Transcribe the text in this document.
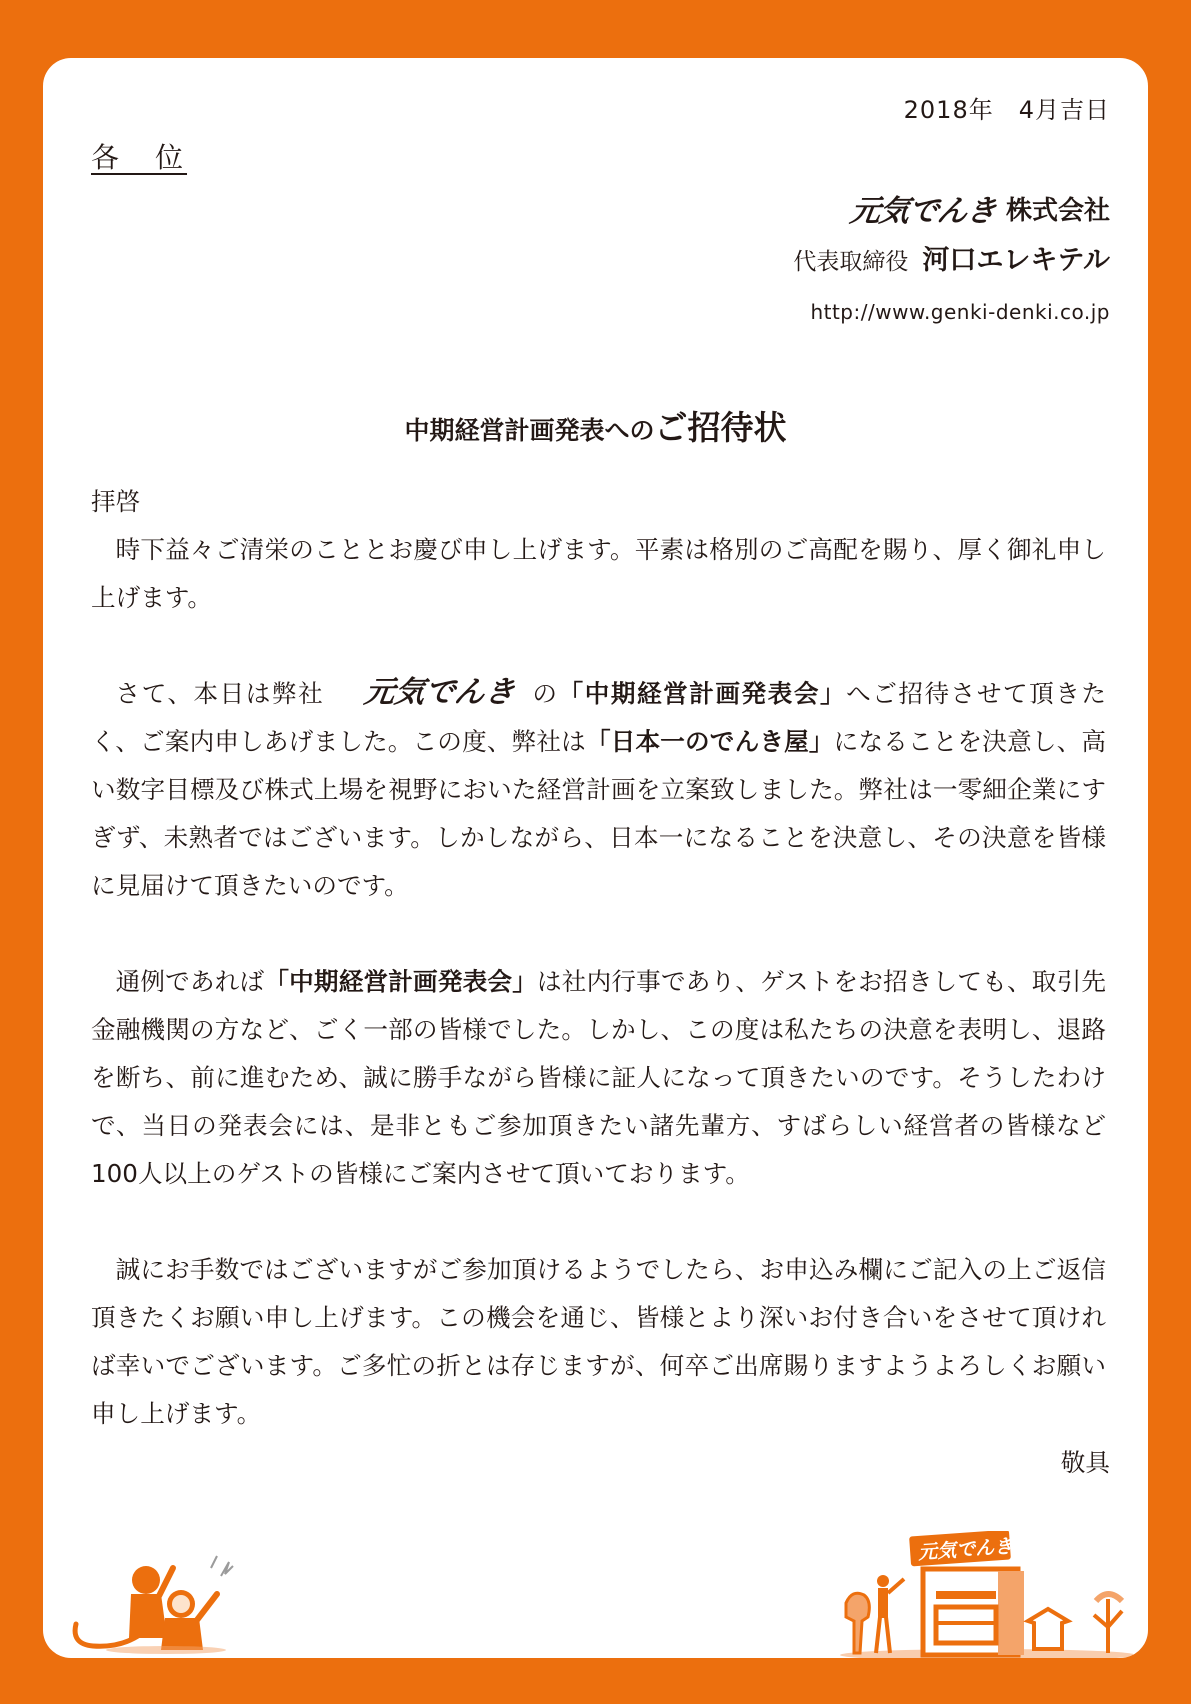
2018年　4月吉日
各　位
元気でんき 株式会社
代表取締役 河口エレキテル
http://www.genki-denki.co.jp
中期経営計画発表へのご招待状

拝啓

時下益々ご清栄のこととお慶び申し上げます。平素は格別のご高配を賜り、厚く御礼申し上げます。

さて、本日は弊社 元気でんき の「中期経営計画発表会」へご招待させて頂きたく、ご案内申しあげました。この度、弊社は「日本一のでんき屋」になることを決意し、高い数字目標及び株式上場を視野においた経営計画を立案致しました。弊社は一零細企業にすぎず、未熟者ではございます。しかしながら、日本一になることを決意し、その決意を皆様に見届けて頂きたいのです。

通例であれば「中期経営計画発表会」は社内行事であり、ゲストをお招きしても、取引先金融機関の方など、ごく一部の皆様でした。しかし、この度は私たちの決意を表明し、退路を断ち、前に進むため、誠に勝手ながら皆様に証人になって頂きたいのです。そうしたわけで、当日の発表会には、是非ともご参加頂きたい諸先輩方、すばらしい経営者の皆様など100人以上のゲストの皆様にご案内させて頂いております。

誠にお手数ではございますがご参加頂けるようでしたら、お申込み欄にご記入の上ご返信頂きたくお願い申し上げます。この機会を通じ、皆様とより深いお付き合いをさせて頂ければ幸いでございます。ご多忙の折とは存じますが、何卒ご出席賜りますようよろしくお願い申し上げます。

敬具
元気でんき
